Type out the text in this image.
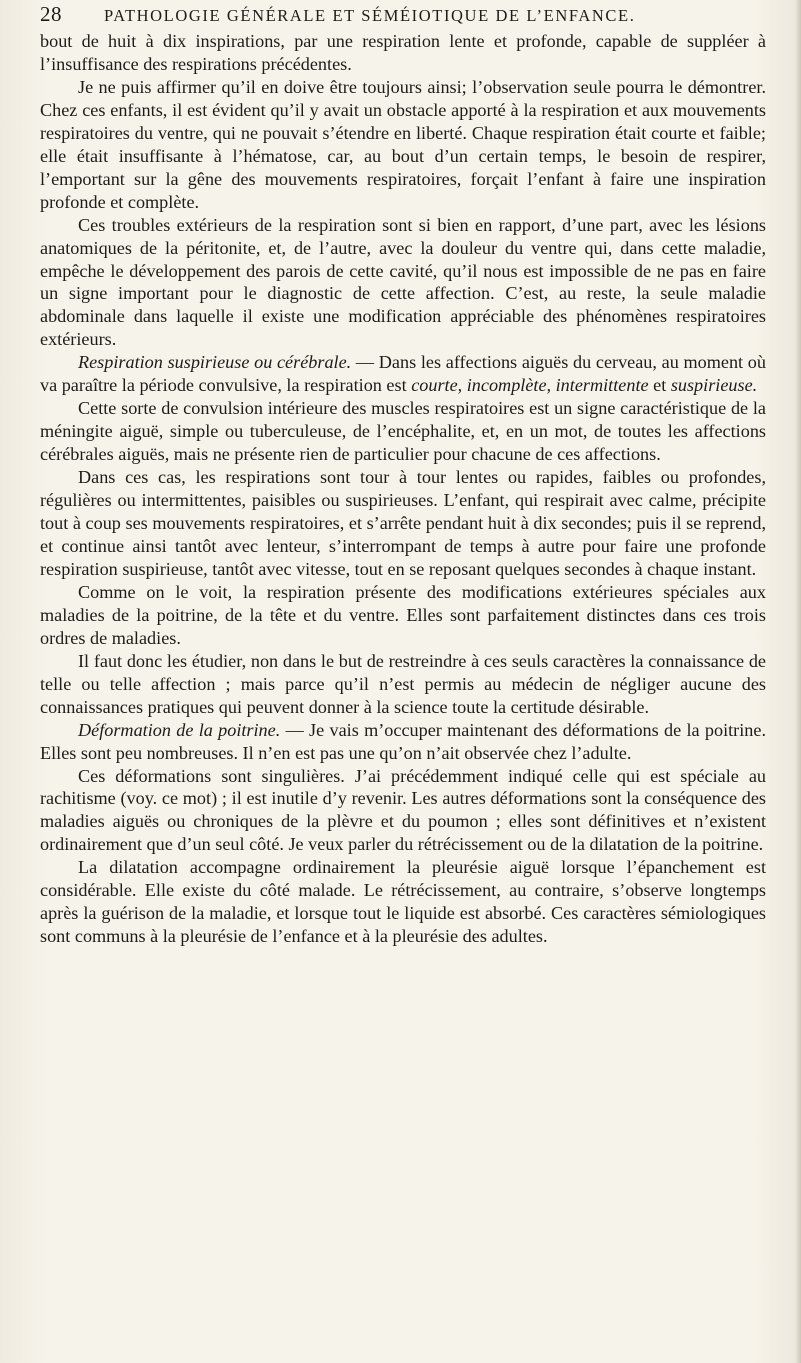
28	PATHOLOGIE GÉNÉRALE ET SÉMÉIOTIQUE DE L’ENFANCE.

bout de huit à dix inspirations, par une respiration lente et profonde, capable de suppléer à l’insuffisance des respirations précédentes.

Je ne puis affirmer qu’il en doive être toujours ainsi; l’observation seule pourra le démontrer. Chez ces enfants, il est évident qu’il y avait un obstacle apporté à la respiration et aux mouvements respiratoires du ventre, qui ne pouvait s’étendre en liberté. Chaque respiration était courte et faible; elle était insuffisante à l’hématose, car, au bout d’un certain temps, le besoin de respirer, l’emportant sur la gêne des mouvements respiratoires, forçait l’enfant à faire une inspiration profonde et complète.

Ces troubles extérieurs de la respiration sont si bien en rapport, d’une part, avec les lésions anatomiques de la péritonite, et, de l’autre, avec la douleur du ventre qui, dans cette maladie, empêche le développement des parois de cette cavité, qu’il nous est impossible de ne pas en faire un signe important pour le diagnostic de cette affection. C’est, au reste, la seule maladie abdominale dans laquelle il existe une modification appréciable des phénomènes respiratoires extérieurs.

Respiration suspirieuse ou cérébrale. — Dans les affections aiguës du cerveau, au moment où va paraître la période convulsive, la respiration est courte, incomplète, intermittente et suspirieuse.

Cette sorte de convulsion intérieure des muscles respiratoires est un signe caractéristique de la méningite aiguë, simple ou tuberculeuse, de l’encéphalite, et, en un mot, de toutes les affections cérébrales aiguës, mais ne présente rien de particulier pour chacune de ces affections.

Dans ces cas, les respirations sont tour à tour lentes ou rapides, faibles ou profondes, régulières ou intermittentes, paisibles ou suspirieuses. L’enfant, qui respirait avec calme, précipite tout à coup ses mouvements respiratoires, et s’arrête pendant huit à dix secondes; puis il se reprend, et continue ainsi tantôt avec lenteur, s’interrompant de temps à autre pour faire une profonde respiration suspirieuse, tantôt avec vitesse, tout en se reposant quelques secondes à chaque instant.

Comme on le voit, la respiration présente des modifications extérieures spéciales aux maladies de la poitrine, de la tête et du ventre. Elles sont parfaitement distinctes dans ces trois ordres de maladies.

Il faut donc les étudier, non dans le but de restreindre à ces seuls caractères la connaissance de telle ou telle affection ; mais parce qu’il n’est permis au médecin de négliger aucune des connaissances pratiques qui peuvent donner à la science toute la certitude désirable.

Déformation de la poitrine. — Je vais m’occuper maintenant des déformations de la poitrine. Elles sont peu nombreuses. Il n’en est pas une qu’on n’ait observée chez l’adulte.

Ces déformations sont singulières. J’ai précédemment indiqué celle qui est spéciale au rachitisme (voy. ce mot) ; il est inutile d’y revenir. Les autres déformations sont la conséquence des maladies aiguës ou chroniques de la plèvre et du poumon ; elles sont définitives et n’existent ordinairement que d’un seul côté. Je veux parler du rétrécissement ou de la dilatation de la poitrine.

La dilatation accompagne ordinairement la pleurésie aiguë lorsque l’épanchement est considérable. Elle existe du côté malade. Le rétrécissement, au contraire, s’observe longtemps après la guérison de la maladie, et lorsque tout le liquide est absorbé. Ces caractères sémiologiques sont communs à la pleurésie de l’enfance et à la pleurésie des adultes.
